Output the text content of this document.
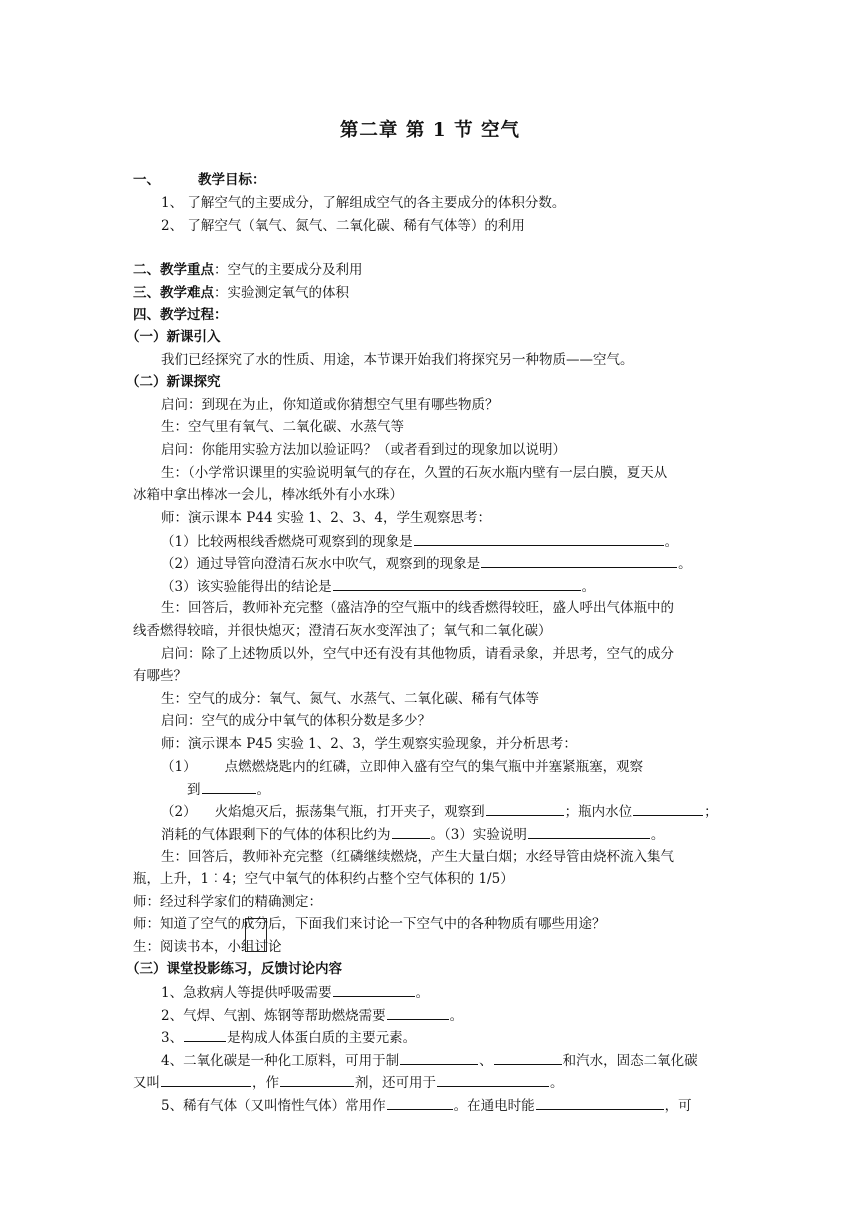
第二章 第 1 节 空气
一、	教学目标：
1、 了解空气的主要成分，了解组成空气的各主要成分的体积分数。
2、 了解空气（氧气、氮气、二氧化碳、稀有气体等）的利用
二、教学重点：空气的主要成分及利用
三、教学难点：实验测定氧气的体积
四、教学过程：
（一）新课引入
我们已经探究了水的性质、用途，本节课开始我们将探究另一种物质——空气。
（二）新课探究
启问：到现在为止，你知道或你猜想空气里有哪些物质？
生：空气里有氧气、二氧化碳、水蒸气等
启问：你能用实验方法加以验证吗？（或者看到过的现象加以说明）
生：（小学常识课里的实验说明氧气的存在，久置的石灰水瓶内壁有一层白膜，夏天从
冰箱中拿出棒冰一会儿，棒冰纸外有小水珠）
师：演示课本 P44 实验 1、2、3、4，学生观察思考：
（1）比较两根线香燃烧可观察到的现象是	。
（2）通过导管向澄清石灰水中吹气，观察到的现象是	。
（3）该实验能得出的结论是	。
生：回答后，教师补充完整（盛洁净的空气瓶中的线香燃得较旺，盛人呼出气体瓶中的
线香燃得较暗，并很快熄灭；澄清石灰水变浑浊了；氧气和二氧化碳）
启问：除了上述物质以外，空气中还有没有其他物质，请看录象，并思考，空气的成分
有哪些？
生：空气的成分：氧气、氮气、水蒸气、二氧化碳、稀有气体等
启问：空气的成分中氧气的体积分数是多少？
师：演示课本 P45 实验 1、2、3，学生观察实验现象，并分析思考：
（1） 点燃燃烧匙内的红磷，立即伸入盛有空气的集气瓶中并塞紧瓶塞，观察
到	。
（2） 火焰熄灭后，振荡集气瓶，打开夹子，观察到	；瓶内水位	；
消耗的气体跟剩下的气体的体积比约为	。（3）实验说明	。
生：回答后，教师补充完整（红磷继续燃烧，产生大量白烟；水经导管由烧杯流入集气
瓶，上升，1︰4；空气中氧气的体积约占整个空气体积的 1/5）
师：经过科学家们的精确测定：
师：知道了空气的成分后，下面我们来讨论一下空气中的各种物质有哪些用途？
生：阅读书本，小组讨论
（三）课堂投影练习，反馈讨论内容
1、急救病人等提供呼吸需要	。
2、气焊、气割、炼钢等帮助燃烧需要	。
3、	是构成人体蛋白质的主要元素。
4、二氧化碳是一种化工原料，可用于制	、	和汽水，固态二氧化碳
又叫	，作	剂，还可用于	。
5、稀有气体（又叫惰性气体）常用作	。在通电时能	，可
